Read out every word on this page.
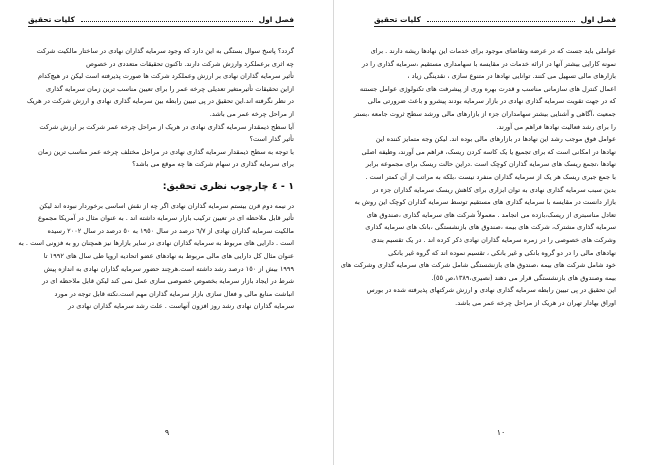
فصل اول
کلیات تحقیق
گردد؟ پاسخ سوال بستگی به این دارد که وجود سرمایه گذاران نهادی در ساختار مالکیت شرکت
چه اثری برعملکرد وارزش شرکت دارند. تاکنون تحقیقات متعددی در خصوص
تأثیر سرمایه گذاران نهادی بر ارزش وعملکرد شرکت ها صورت پذیرفته است لیکن در هیچ‌کدام
ازاین تحقیقات تأثیرمتغیر تعدیلی چرخه عمر را برای تعیین مناسب ترین زمان سرمایه گذاری
در نظر نگرفته اند.این تحقیق در پی تبیین رابطه بین سرمایه گذاری نهادی و ارزش شرکت در هریک
از مراحل چرخه عمر می باشد.
آیا سطح ذیمقدار سرمایه گذاری نهادی در هریک از مراحل چرخه عمر شرکت بر ارزش شرکت
تأثیر گذار است؟
با توجه به سطح ذیمقدار سرمایه گذاری نهادی در مراحل مختلف چرخه عمر مناسب ترین زمان
برای سرمایه گذاری در سهام شرکت ها چه موقع می باشد؟
١ - ٤ چارچوب نظری تحقیق:
در نیمه دوم قرن بیستم سرمایه گذاران نهادی اگر چه از نقش اساسی برخوردار نبوده اند لیکن
تأثیر قابل ملاحظه ای در تعیین ترکیب بازار سرمایه داشته اند . به عنوان مثال در آمریکا مجموع
مالکیت سرمایه گذاران نهادی از ٦/٧ درصد در سال ١٩٥٠ به ٥٠ درصد در سال ٢٠٠٢ رسیده
است . دارایی های مربوط به سرمایه گذاران نهادی در سایر بازارها نیز همچنان رو به فزونی است . به
عنوان مثال کل دارایی های مالی مربوط به نهادهای عضو اتحادیه اروپا طی سال های ١٩٩٢ تا
١٩٩٩ بیش از ١٥٠ درصد رشد داشته است.هرچند حضور سرمایه گذاران نهادی به اندازه پیش
شرط در ایجاد بازار سرمایه بخصوص خصوصی سازی عمل نمی کند لیکن قابل ملاحظه ای در
انباشت منابع مالی و فعال سازی بازار سرمایه گذاران مهم است.نکته قابل توجه در مورد
سرمایه گذاران نهادی رشد روز افزون آنهاست . علت رشد سرمایه گذاران نهادی در
٩
فصل اول
کلیات تحقیق
عواملی باید جست که در عرضه وتقاضای موجود برای خدمات این نهادها ریشه دارند . برای
نمونه کارایی بیشتر آنها در ارائه خدمات در مقایسه با سهامداری مستقیم ،سرمایه گذاری را در
بازارهای مالی تسهیل می کنند. توانایی نهادها در متنوع سازی ، نقدینگی زیاد ،
اعمال کنترل های سازمانی مناسب و قدرت بهره وری از پیشرفت های تکنولوژی عوامل جستنه
که در جهت تقویت سرمایه گذاری نهادی در بازار سرمایه بودند پیشرو و باعث ضرورتی مالی
جمعیت ،آگاهی و آشنایی بیشتر سهامداران جزء از بازارهای مالی ورشد سطح ثروت جامعه ،بستر
را برای رشد فعالیت نهادها فراهم می آورند.
عوامل فوق موجب رشد این نهادها در بازارهای مالی بوده اند. لیکن وجه متمایز کننده این
نهادها در امکانی است که برای تجمیع یا یک کاسه کردن ریسک، فراهم می آورند، وظیفه اصلی
نهادها ،تجمع ریسک های سرمایه گذاران کوچک است .دراین حالت ریسک برای مجموعه برابر
با جمع جبری ریسک هر یک از سرمایه گذاران منفرد نیست ،بلکه به مراتب از آن کمتر است .
بدین سبب سرمایه گذاری نهادی به توان ابزاری برای کاهش ریسک سرمایه گذاران جزء در
بازار دانست در مقایسه با سرمایه گذاری های مستقیم توسط سرمایه گذاران کوچک این روش به
تعادل مناسبتری از ریسک،بازده می انجامد . معمولاً شرکت های سرمایه گذاری ،صندوق های
سرمایه گذاری مشترک، شرکت های بیمه ،صندوق های بازنشستگی ،بانک های سرمایه گذاری
وشرکت های خصوصی را در زمره سرمایه گذاران نهادی ذکر کرده اند . در یک تقسیم بندی
نهادهای مالی را در دو گروه بانکی و غیر بانکی ، تقسیم نموده اند که گروه غیر بانکی
خود شامل شرکت های بیمه ،صندوق های بازنشستگی شامل شرکت های سرمایه گذاری وشرکت های
بیمه وصندوق های بازنشستگی قرار می دهند (نصیری،١٣٨٩،ص ٥٥).
این تحقیق در پی تبیین رابطه سرمایه گذاری نهادی و ارزش شرکتهای پذیرفته شده در بورس
اوراق بهادار تهران در هریک از مراحل چرخه عمر می باشد.
١٠
